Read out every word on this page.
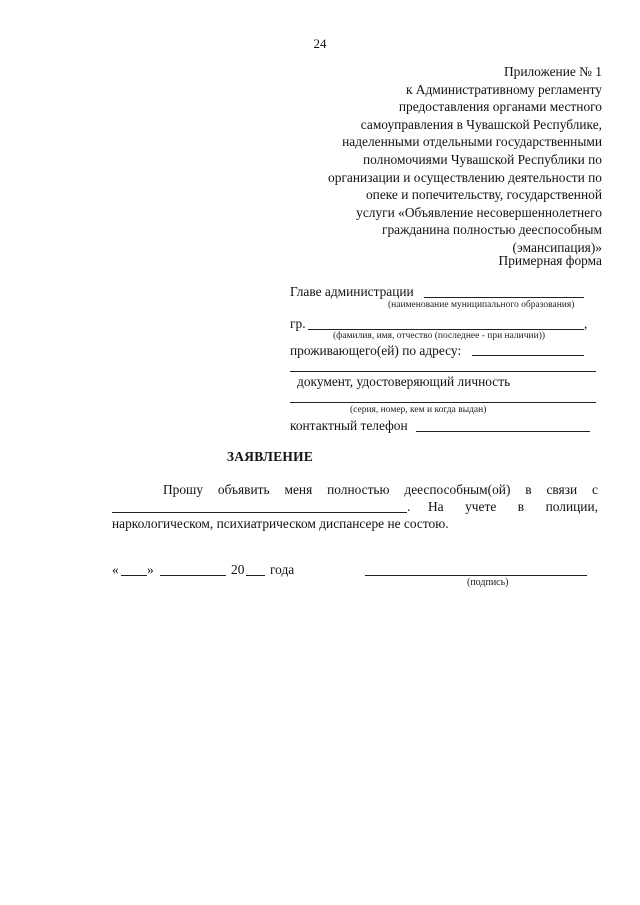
24
Приложение № 1
к Административному регламенту
предоставления органами местного
самоуправления в Чувашской Республике,
наделенными отдельными государственными
полномочиями Чувашской Республики по
организации и осуществлению деятельности по
опеке и попечительству, государственной
услуги «Объявление несовершеннолетнего
гражданина полностью дееспособным
(эмансипация)»
Примерная форма
Главе администрации
(наименование муниципального образования)
гр.	,
(фамилия, имя, отчество (последнее - при наличии))
проживающего(ей) по адресу:
документ, удостоверяющий личность
(серия, номер, кем и когда выдан)
контактный телефон
ЗАЯВЛЕНИЕ
Прошу объявить меня полностью дееспособным(ой) в связи с
. На учете в полиции,
наркологическом, психиатрическом диспансере не состою.
« »	20 года
(подпись)
